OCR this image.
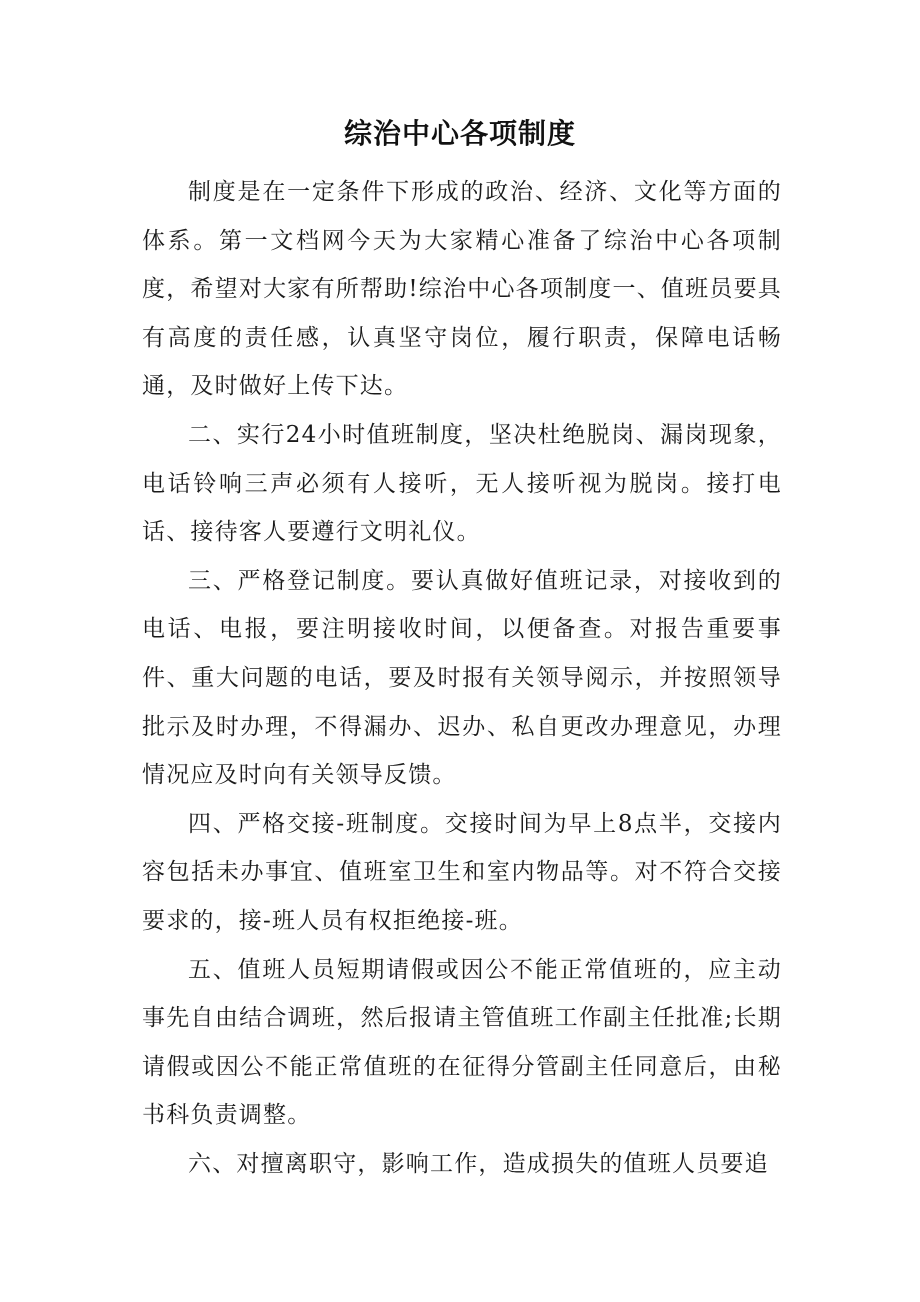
综治中心各项制度

制度是在一定条件下形成的政治、经济、文化等方面的体系。第一文档网今天为大家精心准备了综治中心各项制度，希望对大家有所帮助!综治中心各项制度一、值班员要具有高度的责任感，认真坚守岗位，履行职责，保障电话畅通，及时做好上传下达。

二、实行24小时值班制度，坚决杜绝脱岗、漏岗现象，电话铃响三声必须有人接听，无人接听视为脱岗。接打电话、接待客人要遵行文明礼仪。

三、严格登记制度。要认真做好值班记录，对接收到的电话、电报，要注明接收时间，以便备查。对报告重要事件、重大问题的电话，要及时报有关领导阅示，并按照领导批示及时办理，不得漏办、迟办、私自更改办理意见，办理情况应及时向有关领导反馈。

四、严格交接-班制度。交接时间为早上8点半，交接内容包括未办事宜、值班室卫生和室内物品等。对不符合交接要求的，接-班人员有权拒绝接-班。

五、值班人员短期请假或因公不能正常值班的，应主动事先自由结合调班，然后报请主管值班工作副主任批准;长期请假或因公不能正常值班的在征得分管副主任同意后，由秘书科负责调整。

六、对擅离职守，影响工作，造成损失的值班人员要追
